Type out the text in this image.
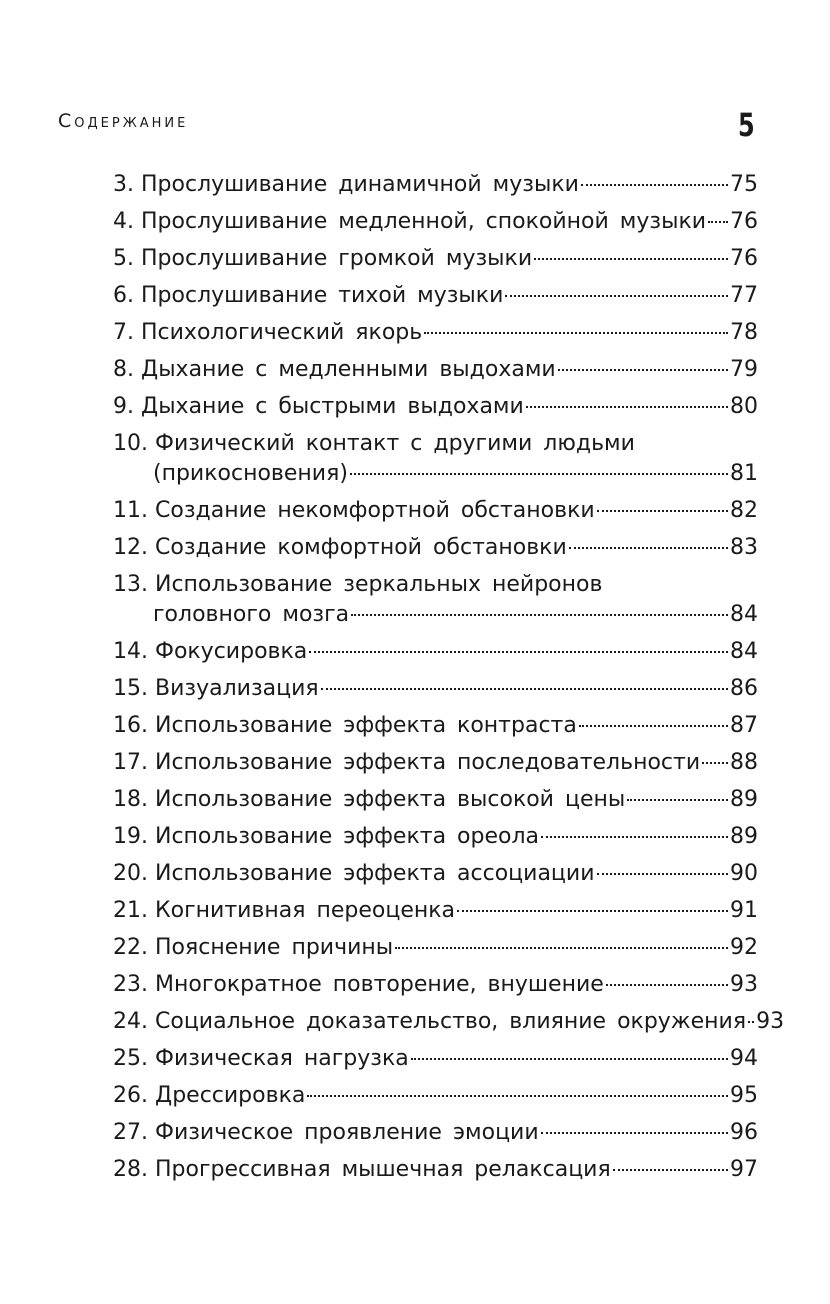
Содержание	5
3. Прослушивание динамичной музыки	75
4. Прослушивание медленной, спокойной музыки 76
5. Прослушивание громкой музыки	76
6. Прослушивание тихой музыки	77
7. Психологический якорь	78
8. Дыхание с медленными выдохами	79
9. Дыхание с быстрыми выдохами	80
10. Физический контакт с другими людьми
(прикосновения)	81
11. Создание некомфортной обстановки	82
12. Создание комфортной обстановки	83
13. Использование зеркальных нейронов
головного мозга	84
14. Фокусировка	84
15. Визуализация	86
16. Использование эффекта контраста	87
17. Использование эффекта последовательности 88
18. Использование эффекта высокой цены	89
19. Использование эффекта ореола	89
20. Использование эффекта ассоциации	90
21. Когнитивная переоценка	91
22. Пояснение причины	92
23. Многократное повторение, внушение	93
24. Социальное доказательство, влияние окружения 93
25. Физическая нагрузка	94
26. Дрессировка	95
27. Физическое проявление эмоции	96
28. Прогрессивная мышечная релаксация	97
